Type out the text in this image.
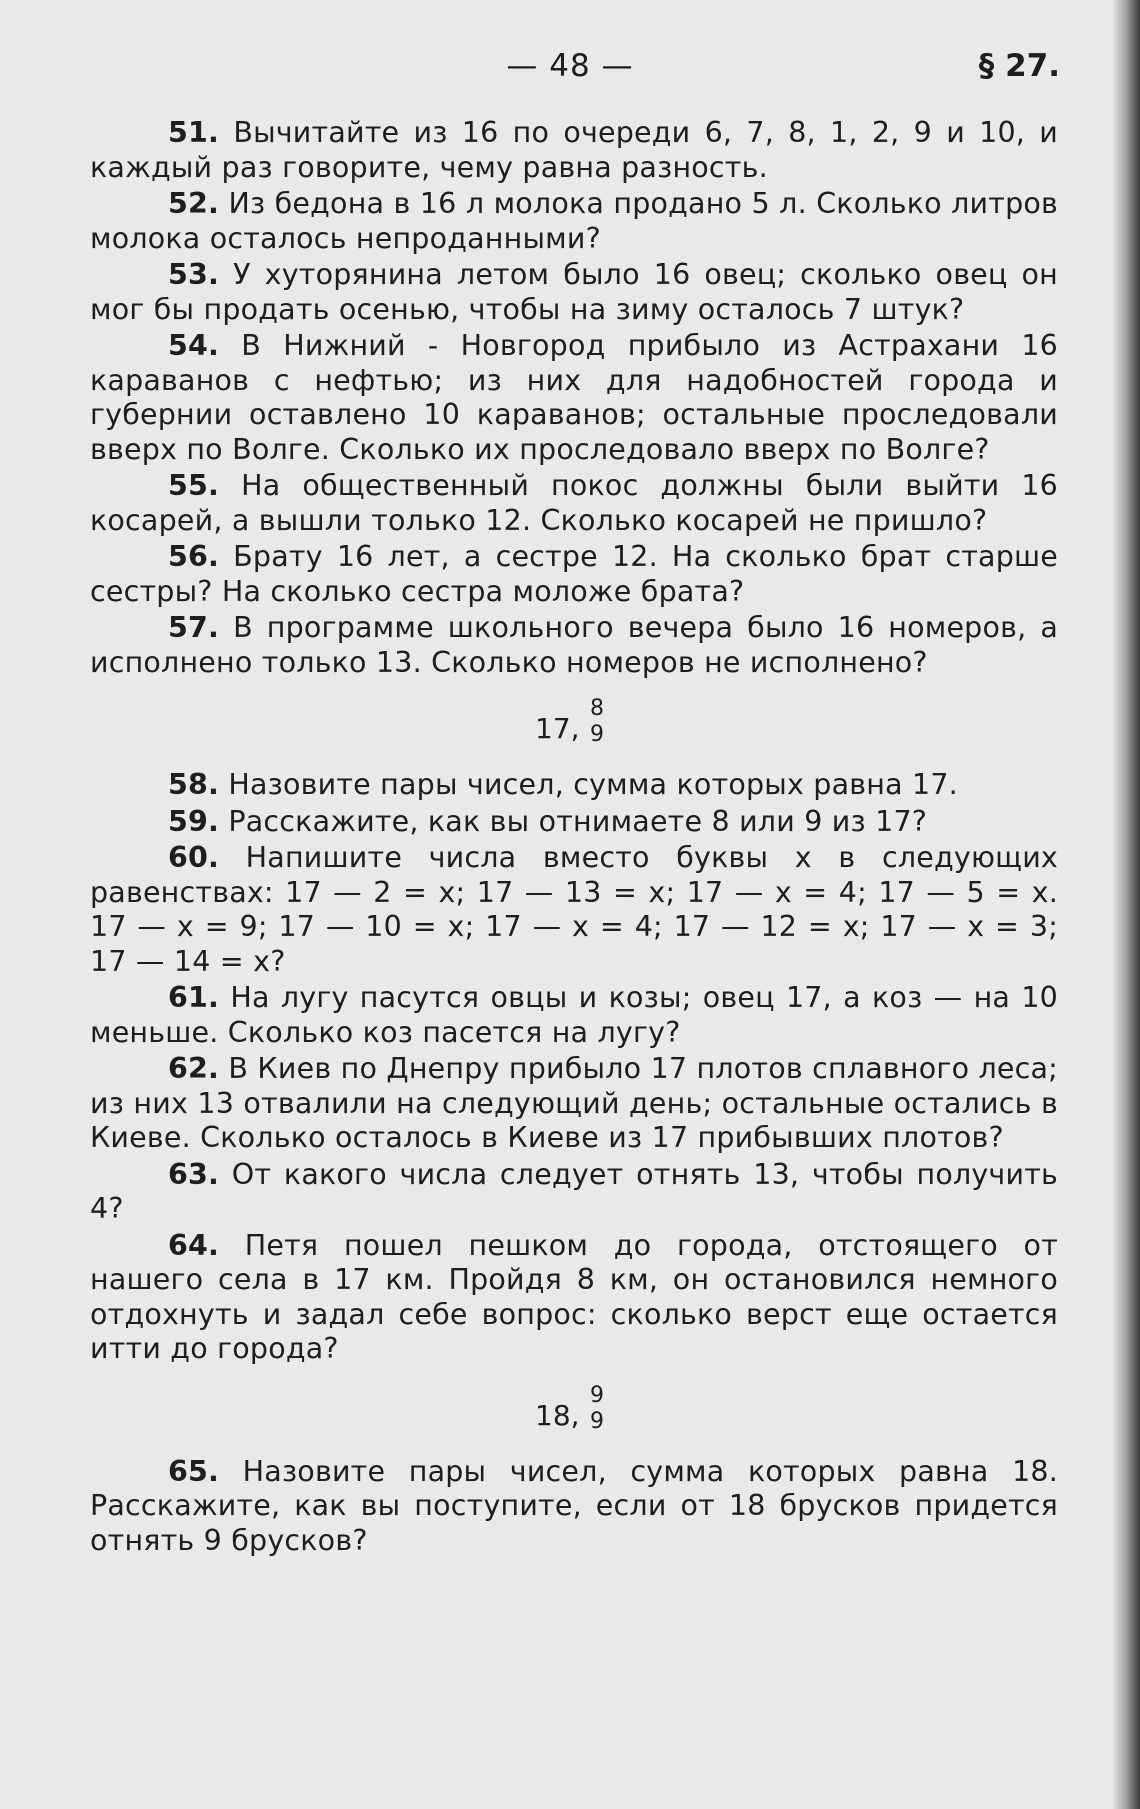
— 48 —	§ 27.

51. Вычитайте из 16 по очереди 6, 7, 8, 1, 2, 9 и 10, и каждый раз говорите, чему равна разность.

52. Из бедона в 16 л молока продано 5 л. Сколько литров молока осталось непроданными?

53. У хуторянина летом было 16 овец; сколько овец он мог бы продать осенью, чтобы на зиму осталось 7 штук?

54. В Нижний - Новгород прибыло из Астрахани 16 караванов с нефтью; из них для надобностей города и губернии оставлено 10 караванов; остальные проследовали вверх по Волге. Сколько их проследовало вверх по Волге?

55. На общественный покос должны были выйти 16 косарей, а вышли только 12. Сколько косарей не пришло?

56. Брату 16 лет, а сестре 12. На сколько брат старше сестры? На сколько сестра моложе брата?

57. В программе школьного вечера было 16 номеров, а исполнено только 13. Сколько номеров не исполнено?

17,
8
9

58. Назовите пары чисел, сумма которых равна 17.

59. Расскажите, как вы отнимаете 8 или 9 из 17?

60. Напишите числа вместо буквы x в следующих равенствах: 17 — 2 = x; 17 — 13 = x; 17 — x = 4; 17 — 5 = x. 17 — x = 9; 17 — 10 = x; 17 — x = 4; 17 — 12 = x; 17 — x = 3; 17 — 14 = x?

61. На лугу пасутся овцы и козы; овец 17, а коз — на 10 меньше. Сколько коз пасется на лугу?

62. В Киев по Днепру прибыло 17 плотов сплавного леса; из них 13 отвалили на следующий день; остальные остались в Киеве. Сколько осталось в Киеве из 17 прибывших плотов?

63. От какого числа следует отнять 13, чтобы получить 4?

64. Петя пошел пешком до города, отстоящего от нашего села в 17 км. Пройдя 8 км, он остановился немного отдохнуть и задал себе вопрос: сколько верст еще остается итти до города?

18,
9
9

65. Назовите пары чисел, сумма которых равна 18. Расскажите, как вы поступите, если от 18 брусков придется отнять 9 брусков?
